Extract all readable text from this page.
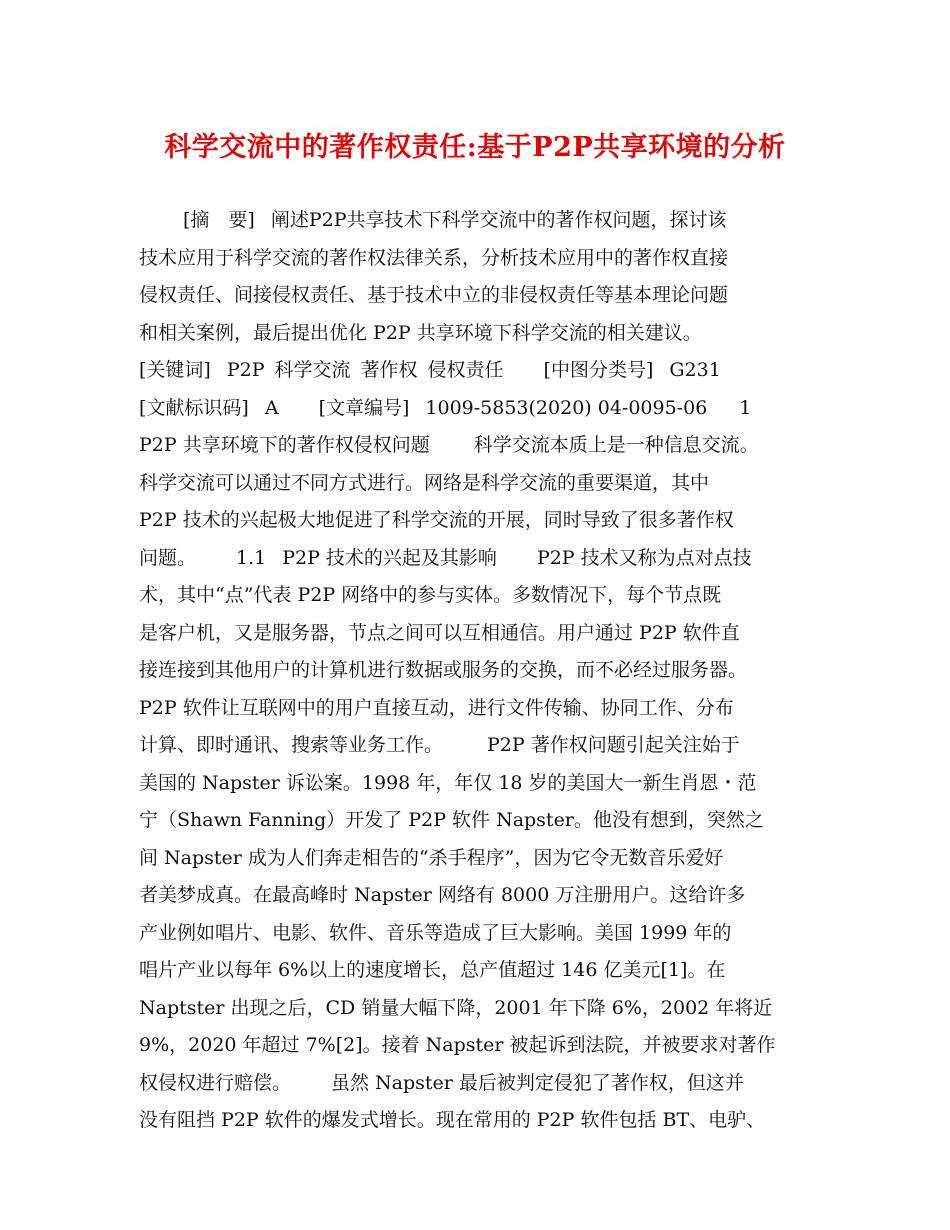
科学交流中的著作权责任:基于P2P共享环境的分析
[摘　要] 阐述P2P共享技术下科学交流中的著作权问题，探讨该
技术应用于科学交流的著作权法律关系，分析技术应用中的著作权直接
侵权责任、间接侵权责任、基于技术中立的非侵权责任等基本理论问题
和相关案例，最后提出优化 P2P 共享环境下科学交流的相关建议。
[关键词] P2P 科学交流 著作权 侵权责任 [中图分类号] G231
[文献标识码] A [文章编号] 1009-5853(2020) 04-0095-06 1
P2P 共享环境下的著作权侵权问题 科学交流本质上是一种信息交流。
科学交流可以通过不同方式进行。网络是科学交流的重要渠道，其中
P2P 技术的兴起极大地促进了科学交流的开展，同时导致了很多著作权
问题。 1.1 P2P 技术的兴起及其影响 P2P 技术又称为点对点技
术，其中“点”代表 P2P 网络中的参与实体。多数情况下，每个节点既
是客户机，又是服务器，节点之间可以互相通信。用户通过 P2P 软件直
接连接到其他用户的计算机进行数据或服务的交换，而不必经过服务器。
P2P 软件让互联网中的用户直接互动，进行文件传输、协同工作、分布
计算、即时通讯、搜索等业务工作。 P2P 著作权问题引起关注始于
美国的 Napster 诉讼案。1998 年，年仅 18 岁的美国大一新生肖恩・范
宁（Shawn Fanning）开发了 P2P 软件 Napster。他没有想到，突然之
间 Napster 成为人们奔走相告的“杀手程序”，因为它令无数音乐爱好
者美梦成真。在最高峰时 Napster 网络有 8000 万注册用户。这给许多
产业例如唱片、电影、软件、音乐等造成了巨大影响。美国 1999 年的
唱片产业以每年 6%以上的速度增长，总产值超过 146 亿美元[1]。在
Naptster 出现之后，CD 销量大幅下降，2001 年下降 6%，2002 年将近
9%，2020 年超过 7%[2]。接着 Napster 被起诉到法院，并被要求对著作
权侵权进行赔偿。 虽然 Napster 最后被判定侵犯了著作权，但这并
没有阻挡 P2P 软件的爆发式增长。现在常用的 P2P 软件包括 BT、电驴、
